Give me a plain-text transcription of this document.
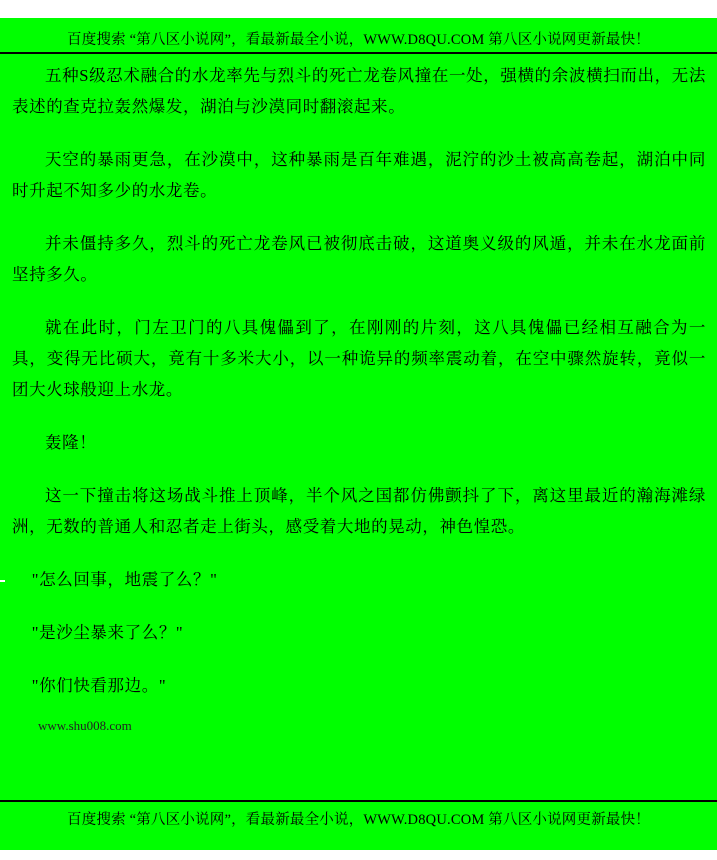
百度搜索 “第八区小说网”，看最新最全小说，WWW.D8QU.COM 第八区小说网更新最快！

五种S级忍术融合的水龙率先与烈斗的死亡龙卷风撞在一处，强横的余波横扫而出，无法表述的查克拉轰然爆发，湖泊与沙漠同时翻滚起来。

天空的暴雨更急，在沙漠中，这种暴雨是百年难遇，泥泞的沙土被高高卷起，湖泊中同时升起不知多少的水龙卷。

并未僵持多久，烈斗的死亡龙卷风已被彻底击破，这道奥义级的风遁，并未在水龙面前坚持多久。

就在此时，门左卫门的八具傀儡到了，在刚刚的片刻，这八具傀儡已经相互融合为一具，变得无比硕大，竟有十多米大小，以一种诡异的频率震动着，在空中骤然旋转，竟似一团大火球般迎上水龙。

轰隆！

这一下撞击将这场战斗推上顶峰，半个风之国都仿佛颤抖了下，离这里最近的瀚海滩绿洲，无数的普通人和忍者走上街头，感受着大地的晃动，神色惶恐。

"怎么回事，地震了么？"

"是沙尘暴来了么？"

"你们快看那边。"

www.shu008.com
百度搜索 “第八区小说网”，看最新最全小说，WWW.D8QU.COM 第八区小说网更新最快！
